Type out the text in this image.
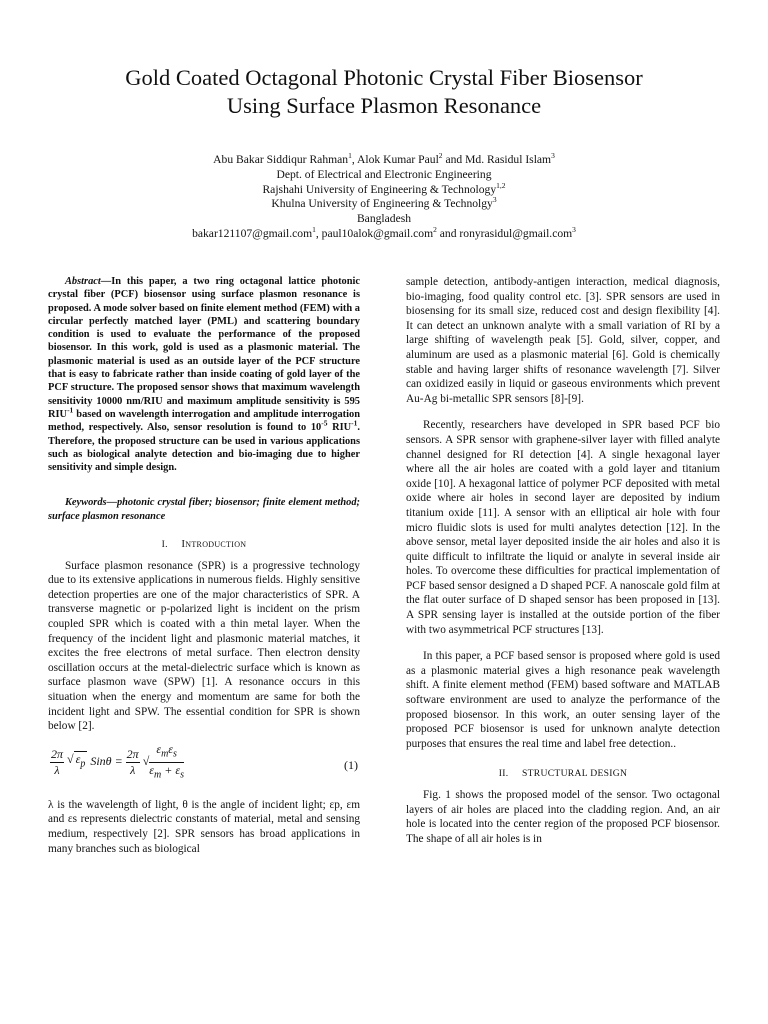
Gold Coated Octagonal Photonic Crystal Fiber Biosensor
Using Surface Plasmon Resonance
Abu Bakar Siddiqur Rahman$^1$, Alok Kumar Paul$^2$ and Md. Rasidul Islam$^3$
Dept. of Electrical and Electronic Engineering
Rajshahi University of Engineering & Technology$^{1,2}$
Khulna University of Engineering & Technolgy$^3$
Bangladesh
bakar121107@gmail.com$^1$, paul10alok@gmail.com$^2$ and ronyrasidul@gmail.com$^3$

Abstract—In this paper, a two ring octagonal lattice photonic crystal fiber (PCF) biosensor using surface plasmon resonance is proposed. A mode solver based on finite element method (FEM) with a circular perfectly matched layer (PML) and scattering boundary condition is used to evaluate the performance of the proposed biosensor. In this work, gold is used as a plasmonic material. The plasmonic material is used as an outside layer of the PCF structure that is easy to fabricate rather than inside coating of gold layer of the PCF structure. The proposed sensor shows that maximum wavelength sensitivity 10000 nm/RIU and maximum amplitude sensitivity is 595 $RIU^{-1}$ based on wavelength interrogation and amplitude interrogation method, respectively. Also, sensor resolution is found to $10^{-5}$ $RIU^{-1}$. Therefore, the proposed structure can be used in various applications such as biological analyte detection and bio-imaging due to higher sensitivity and simple design.

Keywords—photonic crystal fiber; biosensor; finite element method; surface plasmon resonance

I. Introduction

Surface plasmon resonance (SPR) is a progressive technology due to its extensive applications in numerous fields. Highly sensitive detection properties are one of the major characteristics of SPR. A transverse magnetic or p-polarized light is incident on the prism coupled SPR which is coated with a thin metal layer. When the frequency of the incident light and plasmonic material matches, it excites the free electrons of metal surface. Then electron density oscillation occurs at the metal-dielectric surface which is known as surface plasmon wave (SPW) [1]. A resonance occurs in this situation when the energy and momentum are same for both the incident light and SPW. The essential condition for SPR is shown below [2].

$\frac{2\pi}{\lambda}$ √ $\varepsilon_p$ $Sin\theta = \frac{2\pi}{\lambda}$ √ $\frac{\varepsilon_m\varepsilon_s}{\varepsilon_m + \varepsilon_s}$	(1)

λ is the wavelength of light, θ is the angle of incident light; εp, εm and εs represents dielectric constants of material, metal and sensing medium, respectively [2]. SPR sensors has broad applications in many branches such as biological

sample detection, antibody-antigen interaction, medical diagnosis, bio-imaging, food quality control etc. [3]. SPR sensors are used in biosensing for its small size, reduced cost and design flexibility [4]. It can detect an unknown analyte with a small variation of RI by a large shifting of wavelength peak [5]. Gold, silver, copper, and aluminum are used as a plasmonic material [6]. Gold is chemically stable and having larger shifts of resonance wavelength [7]. Silver can oxidized easily in liquid or gaseous environments which prevent Au-Ag bi-metallic SPR sensors [8]-[9].

Recently, researchers have developed in SPR based PCF bio sensors. A SPR sensor with graphene-silver layer with filled analyte channel designed for RI detection [4]. A single hexagonal layer where all the air holes are coated with a gold layer and titanium oxide [10]. A hexagonal lattice of polymer PCF deposited with metal oxide where air holes in second layer are deposited by indium titanium oxide [11]. A sensor with an elliptical air hole with four micro fluidic slots is used for multi analytes detection [12]. In the above sensor, metal layer deposited inside the air holes and also it is quite difficult to infiltrate the liquid or analyte in several inside air holes. To overcome these difficulties for practical implementation of PCF based sensor designed a D shaped PCF. A nanoscale gold film at the flat outer surface of D shaped sensor has been proposed in [13]. A SPR sensing layer is installed at the outside portion of the fiber with two asymmetrical PCF structures [13].

In this paper, a PCF based sensor is proposed where gold is used as a plasmonic material gives a high resonance peak wavelength shift. A finite element method (FEM) based software and MATLAB software environment are used to analyze the performance of the proposed biosensor. In this work, an outer sensing layer of the proposed PCF biosensor is used for unknown analyte detection purposes that ensures the real time and label free detection..

II. STRUCTURAL DESIGN

Fig. 1 shows the proposed model of the sensor. Two octagonal layers of air holes are placed into the cladding region. And, an air hole is located into the center region of the proposed PCF biosensor. The shape of all air holes is in
